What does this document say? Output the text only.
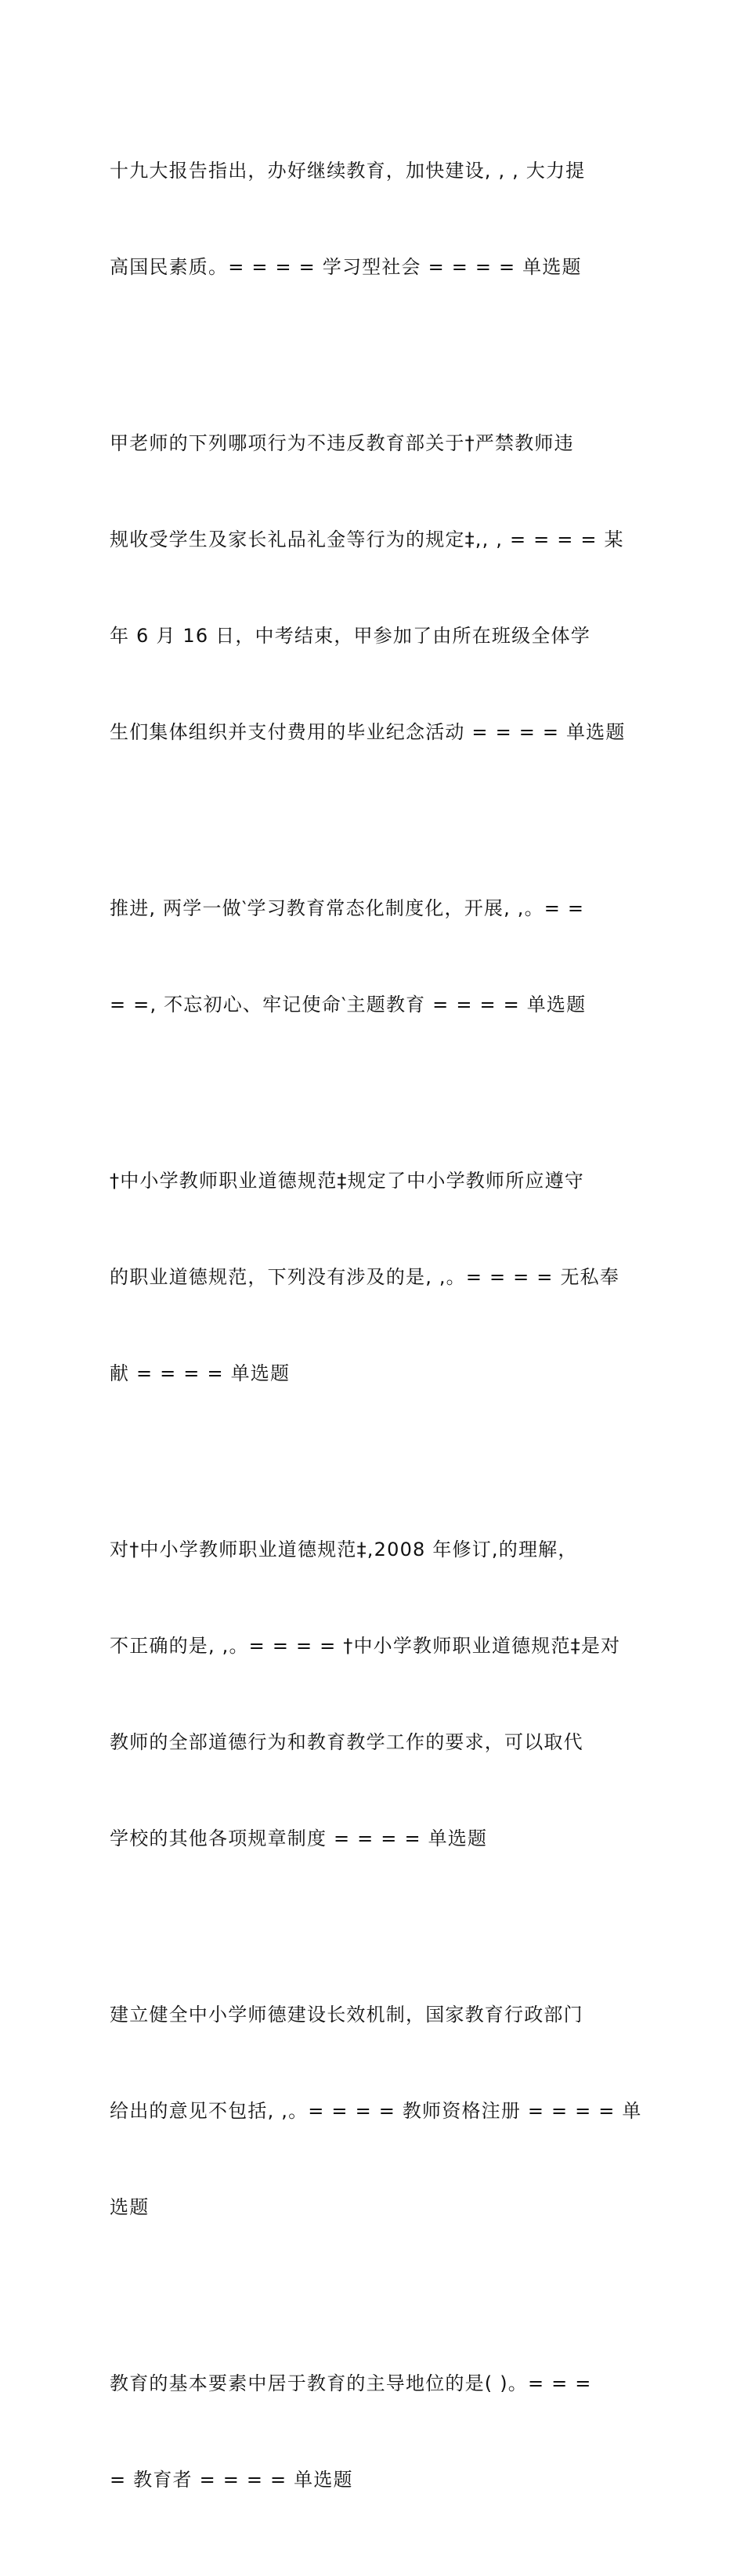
十九大报告指出，办好继续教育，加快建设, , , 大力提

高国民素质。= = = = 学习型社会 = = = = 单选题

甲老师的下列哪项行为不违反教育部关于†严禁教师违

规收受学生及家长礼品礼金等行为的规定‡,, , = = = = 某

年 6 月 16 日，中考结束，甲参加了由所在班级全体学

生们集体组织并支付费用的毕业纪念活动 = = = = 单选题

推进, 两学一做‵学习教育常态化制度化，开展, ,。= =

= =, 不忘初心、牢记使命‵主题教育 = = = = 单选题

†中小学教师职业道德规范‡规定了中小学教师所应遵守

的职业道德规范，下列没有涉及的是, ,。= = = = 无私奉

献 = = = = 单选题

对†中小学教师职业道德规范‡,2008 年修订,的理解，

不正确的是, ,。= = = = †中小学教师职业道德规范‡是对

教师的全部道德行为和教育教学工作的要求，可以取代

学校的其他各项规章制度 = = = = 单选题

建立健全中小学师德建设长效机制，国家教育行政部门

给出的意见不包括, ,。= = = = 教师资格注册 = = = = 单

选题

教育的基本要素中居于教育的主导地位的是( )。= = =

= 教育者 = = = = 单选题
